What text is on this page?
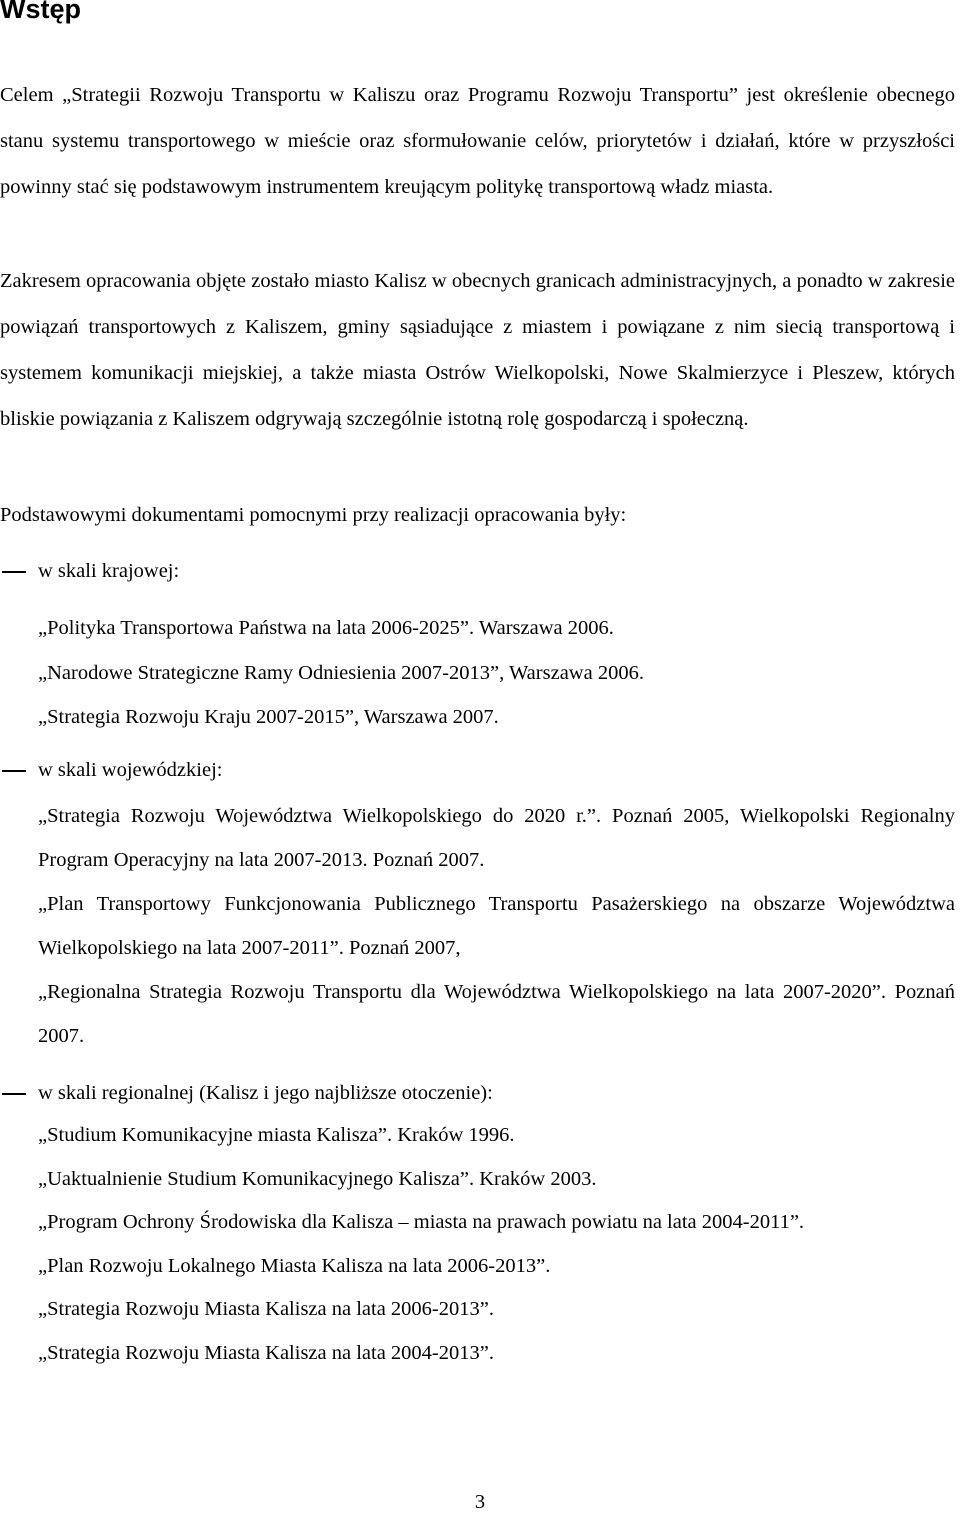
Wstęp

Celem „Strategii Rozwoju Transportu w Kaliszu oraz Programu Rozwoju Transportu” jest określenie obecnego stanu systemu transportowego w mieście oraz sformułowanie celów, priorytetów i działań, które w przyszłości powinny stać się podstawowym instrumentem kreującym politykę transportową władz miasta.

Zakresem opracowania objęte zostało miasto Kalisz w obecnych granicach administracyjnych, a ponadto w zakresie powiązań transportowych z Kaliszem, gminy sąsiadujące z miastem i powiązane z nim siecią transportową i systemem komunikacji miejskiej, a także miasta Ostrów Wielkopolski, Nowe Skalmierzyce i Pleszew, których bliskie powiązania z Kaliszem odgrywają szczególnie istotną rolę gospodarczą i społeczną.

Podstawowymi dokumentami pomocnymi przy realizacji opracowania były:

w skali krajowej:

„Polityka Transportowa Państwa na lata 2006-2025”. Warszawa 2006.

„Narodowe Strategiczne Ramy Odniesienia 2007-2013”, Warszawa 2006.

„Strategia Rozwoju Kraju 2007-2015”, Warszawa 2007.

w skali wojewódzkiej:

„Strategia Rozwoju Województwa Wielkopolskiego do 2020 r.”. Poznań 2005, Wielkopolski Regionalny Program Operacyjny na lata 2007-2013. Poznań 2007.

„Plan Transportowy Funkcjonowania Publicznego Transportu Pasażerskiego na obszarze Województwa Wielkopolskiego na lata 2007-2011”. Poznań 2007,

„Regionalna Strategia Rozwoju Transportu dla Województwa Wielkopolskiego na lata 2007-2020”. Poznań 2007.

w skali regionalnej (Kalisz i jego najbliższe otoczenie):

„Studium Komunikacyjne miasta Kalisza”. Kraków 1996.

„Uaktualnienie Studium Komunikacyjnego Kalisza”. Kraków 2003.

„Program Ochrony Środowiska dla Kalisza – miasta na prawach powiatu na lata 2004-2011”.

„Plan Rozwoju Lokalnego Miasta Kalisza na lata 2006-2013”.

„Strategia Rozwoju Miasta Kalisza na lata 2006-2013”.

„Strategia Rozwoju Miasta Kalisza na lata 2004-2013”.

3
